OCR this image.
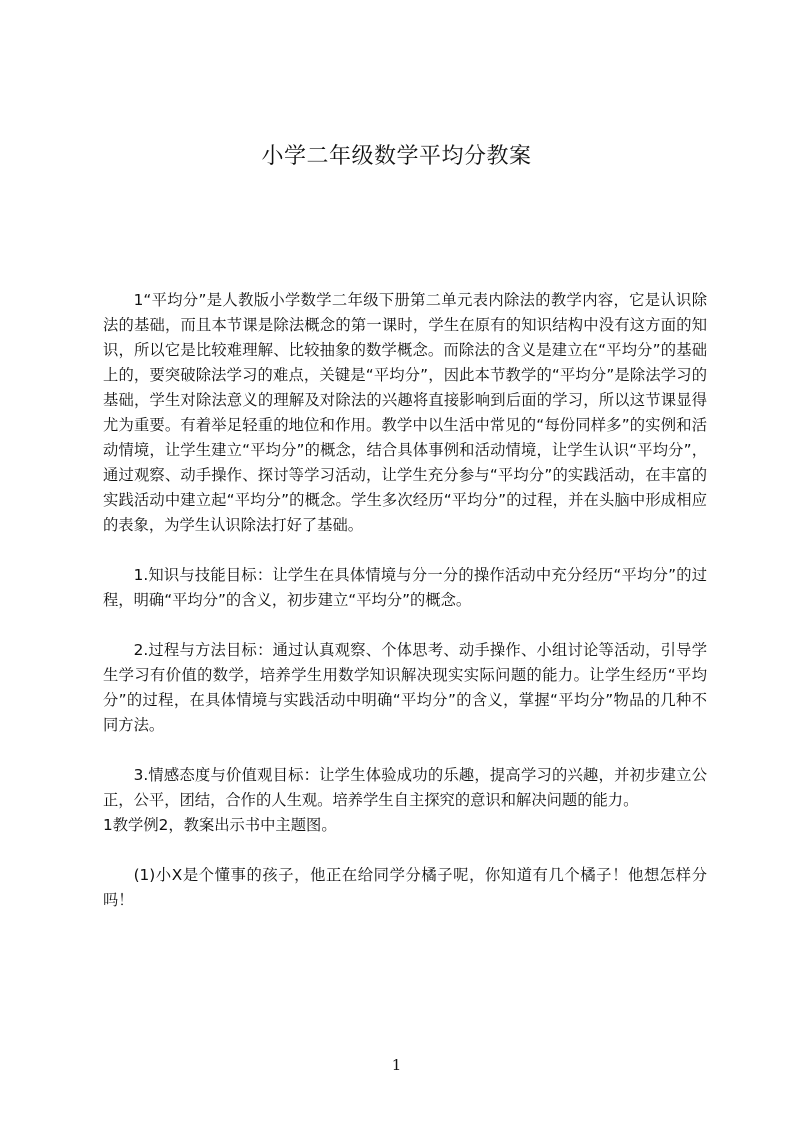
小学二年级数学平均分教案

1“平均分”是人教版小学数学二年级下册第二单元表内除法的教学内容，它是认识除法的基础，而且本节课是除法概念的第一课时，学生在原有的知识结构中没有这方面的知识，所以它是比较难理解、比较抽象的数学概念。而除法的含义是建立在“平均分”的基础上的，要突破除法学习的难点，关键是“平均分”，因此本节教学的“平均分”是除法学习的基础，学生对除法意义的理解及对除法的兴趣将直接影响到后面的学习，所以这节课显得尤为重要。有着举足轻重的地位和作用。教学中以生活中常见的“每份同样多”的实例和活动情境，让学生建立“平均分”的概念，结合具体事例和活动情境，让学生认识“平均分”，通过观察、动手操作、探讨等学习活动，让学生充分参与“平均分”的实践活动，在丰富的实践活动中建立起“平均分”的概念。学生多次经历“平均分”的过程，并在头脑中形成相应的表象，为学生认识除法打好了基础。

1.知识与技能目标：让学生在具体情境与分一分的操作活动中充分经历“平均分”的过程，明确“平均分”的含义，初步建立“平均分”的概念。

2.过程与方法目标：通过认真观察、个体思考、动手操作、小组讨论等活动，引导学生学习有价值的数学，培养学生用数学知识解决现实实际问题的能力。让学生经历“平均分”的过程，在具体情境与实践活动中明确“平均分”的含义，掌握“平均分”物品的几种不同方法。

3.情感态度与价值观目标：让学生体验成功的乐趣，提高学习的兴趣，并初步建立公正，公平，团结，合作的人生观。培养学生自主探究的意识和解决问题的能力。

1教学例2，教案出示书中主题图。

(1)小X是个懂事的孩子，他正在给同学分橘子呢，你知道有几个橘子！他想怎样分吗！

1
